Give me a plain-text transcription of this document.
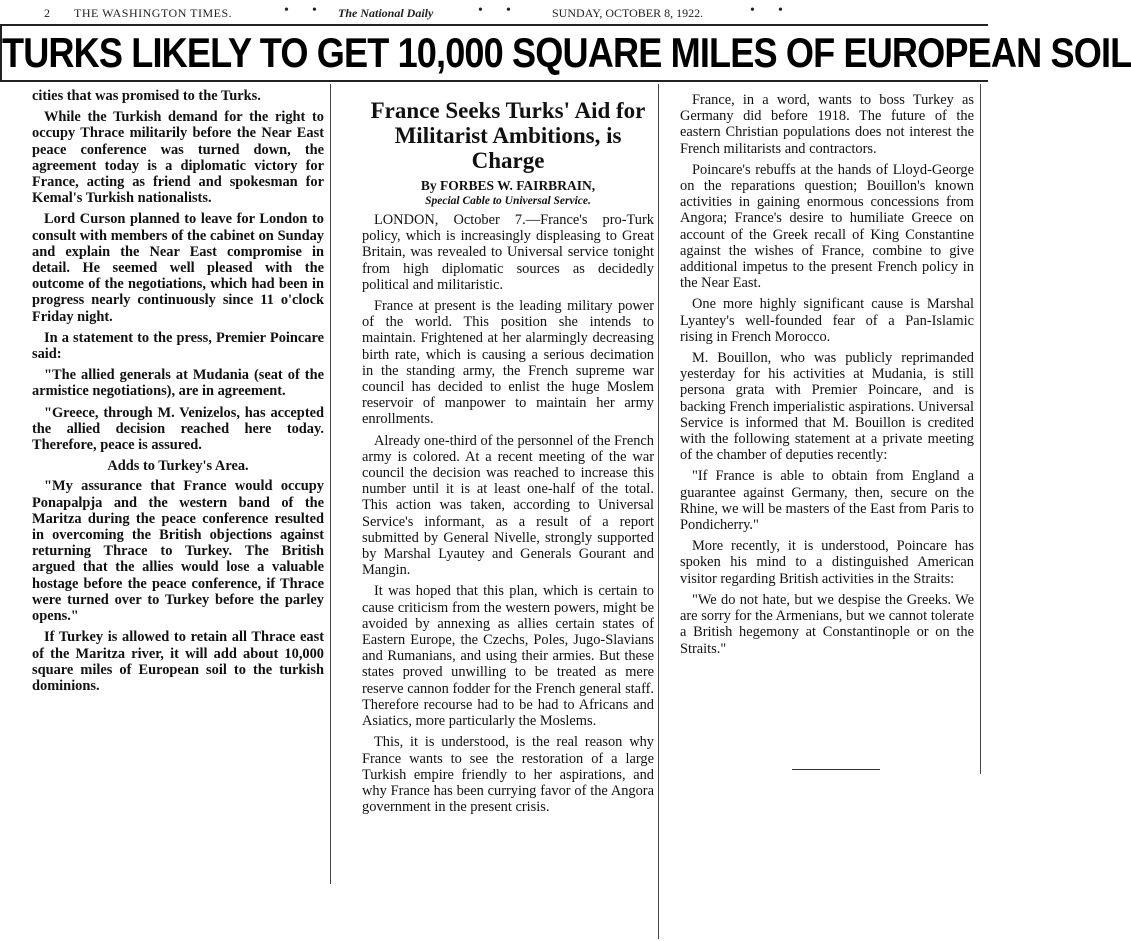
2 THE WASHINGTON TIMES.	• • The National Daily	• •	SUNDAY, OCTOBER 8, 1922.	• •
TURKS LIKELY TO GET 10,000 SQUARE MILES OF EUROPEAN SOIL

cities that was promised to the Turks.

While the Turkish demand for the right to occupy Thrace militarily before the Near East peace conference was turned down, the agreement today is a diplomatic victory for France, acting as friend and spokesman for Kemal's Turkish nationalists.

Lord Curson planned to leave for London to consult with members of the cabinet on Sunday and explain the Near East compromise in detail. He seemed well pleased with the outcome of the negotiations, which had been in progress nearly continuously since 11 o'clock Friday night.

In a statement to the press, Premier Poincare said:

"The allied generals at Mudania (seat of the armistice negotiations), are in agreement.

"Greece, through M. Venizelos, has accepted the allied decision reached here today. Therefore, peace is assured.

Adds to Turkey's Area.

"My assurance that France would occupy Ponapalpja and the western band of the Maritza during the peace conference resulted in overcoming the British objections against returning Thrace to Turkey. The British argued that the allies would lose a valuable hostage before the peace conference, if Thrace were turned over to Turkey before the parley opens."

If Turkey is allowed to retain all Thrace east of the Maritza river, it will add about 10,000 square miles of European soil to the turkish dominions.

France Seeks Turks' Aid for Militarist Ambitions, is Charge
By FORBES W. FAIRBRAIN,
Special Cable to Universal Service.

LONDON, October 7.—France's pro-Turk policy, which is increasingly displeasing to Great Britain, was revealed to Universal service tonight from high diplomatic sources as decidedly political and militaristic.

France at present is the leading military power of the world. This position she intends to maintain. Frightened at her alarmingly decreasing birth rate, which is causing a serious decimation in the standing army, the French supreme war council has decided to enlist the huge Moslem reservoir of manpower to maintain her army enrollments.

Already one-third of the personnel of the French army is colored. At a recent meeting of the war council the decision was reached to increase this number until it is at least one-half of the total. This action was taken, according to Universal Service's informant, as a result of a report submitted by General Nivelle, strongly supported by Marshal Lyautey and Generals Gourant and Mangin.

It was hoped that this plan, which is certain to cause criticism from the western powers, might be avoided by annexing as allies certain states of Eastern Europe, the Czechs, Poles, Jugo-Slavians and Rumanians, and using their armies. But these states proved unwilling to be treated as mere reserve cannon fodder for the French general staff. Therefore recourse had to be had to Africans and Asiatics, more particularly the Moslems.

This, it is understood, is the real reason why France wants to see the restoration of a large Turkish empire friendly to her aspirations, and why France has been currying favor of the Angora government in the present crisis.

France, in a word, wants to boss Turkey as Germany did before 1918. The future of the eastern Christian populations does not interest the French militarists and contractors.

Poincare's rebuffs at the hands of Lloyd-George on the reparations question; Bouillon's known activities in gaining enormous concessions from Angora; France's desire to humiliate Greece on account of the Greek recall of King Constantine against the wishes of France, combine to give additional impetus to the present French policy in the Near East.

One more highly significant cause is Marshal Lyantey's well-founded fear of a Pan-Islamic rising in French Morocco.

M. Bouillon, who was publicly reprimanded yesterday for his activities at Mudania, is still persona grata with Premier Poincare, and is backing French imperialistic aspirations. Universal Service is informed that M. Bouillon is credited with the following statement at a private meeting of the chamber of deputies recently:

"If France is able to obtain from England a guarantee against Germany, then, secure on the Rhine, we will be masters of the East from Paris to Pondicherry."

More recently, it is understood, Poincare has spoken his mind to a distinguished American visitor regarding British activities in the Straits:

"We do not hate, but we despise the Greeks. We are sorry for the Armenians, but we cannot tolerate a British hegemony at Constantinople or on the Straits."
